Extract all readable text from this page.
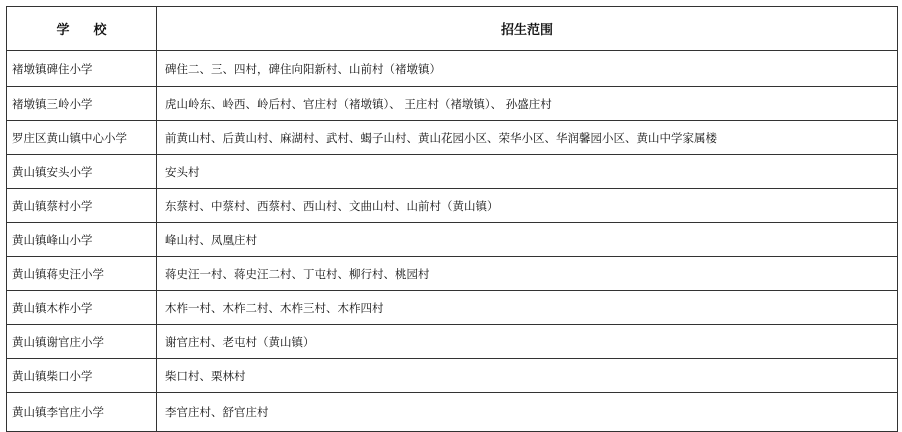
学 校	招生范围
褚墩镇碑住小学	碑住二、三、四村，碑住向阳新村、山前村（褚墩镇）
褚墩镇三岭小学	虎山岭东、岭西、岭后村、官庄村（褚墩镇）、 王庄村（褚墩镇）、 孙盛庄村
罗庄区黄山镇中心小学	前黄山村、后黄山村、麻湖村、武村、蝎子山村、黄山花园小区、荣华小区、华润馨园小区、黄山中学家属楼
黄山镇安头小学	安头村
黄山镇蔡村小学	东蔡村、中蔡村、西蔡村、西山村、文曲山村、山前村（黄山镇）
黄山镇峰山小学	峰山村、凤凰庄村
黄山镇蒋史汪小学	蒋史汪一村、蒋史汪二村、丁屯村、柳行村、桃园村
黄山镇木柞小学	木柞一村、木柞二村、木柞三村、木柞四村
黄山镇谢官庄小学	谢官庄村、老屯村（黄山镇）
黄山镇柴口小学	柴口村、栗林村
黄山镇李官庄小学	李官庄村、舒官庄村
